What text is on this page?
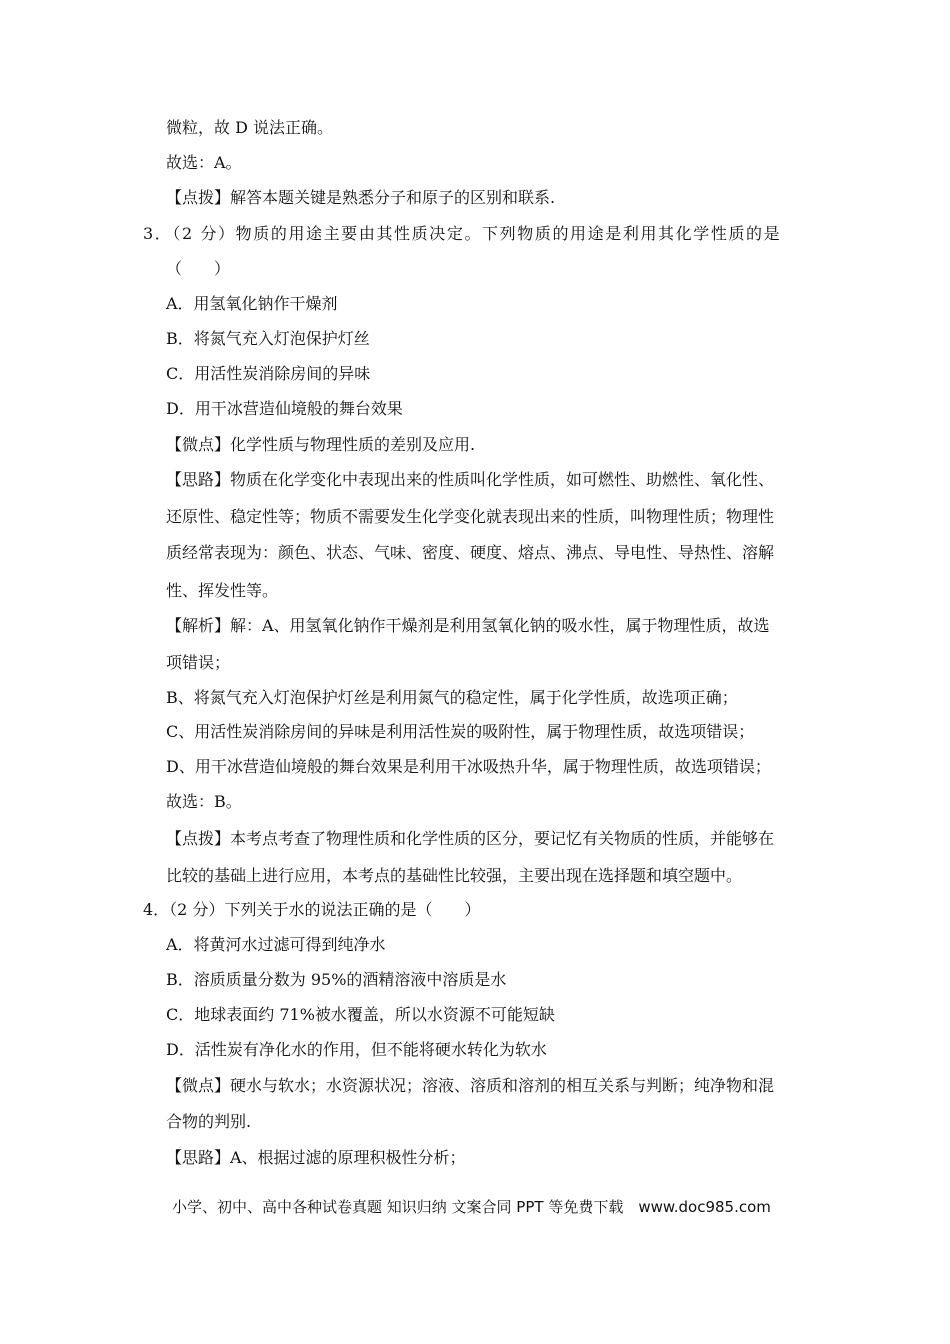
微粒，故 D 说法正确。

故选：A。

【点拨】解答本题关键是熟悉分子和原子的区别和联系.

3．（2 分）物质的用途主要由其性质决定。下列物质的用途是利用其化学性质的是

（　　）

A．用氢氧化钠作干燥剂

B．将氮气充入灯泡保护灯丝

C．用活性炭消除房间的异味

D．用干冰营造仙境般的舞台效果

【微点】化学性质与物理性质的差别及应用.

【思路】物质在化学变化中表现出来的性质叫化学性质，如可燃性、助燃性、氧化性、

还原性、稳定性等；物质不需要发生化学变化就表现出来的性质，叫物理性质；物理性

质经常表现为：颜色、状态、气味、密度、硬度、熔点、沸点、导电性、导热性、溶解

性、挥发性等。

【解析】解：A、用氢氧化钠作干燥剂是利用氢氧化钠的吸水性，属于物理性质，故选

项错误；

B、将氮气充入灯泡保护灯丝是利用氮气的稳定性，属于化学性质，故选项正确；

C、用活性炭消除房间的异味是利用活性炭的吸附性，属于物理性质，故选项错误；

D、用干冰营造仙境般的舞台效果是利用干冰吸热升华，属于物理性质，故选项错误；

故选：B。

【点拨】本考点考查了物理性质和化学性质的区分，要记忆有关物质的性质，并能够在

比较的基础上进行应用，本考点的基础性比较强，主要出现在选择题和填空题中。

4．（2 分）下列关于水的说法正确的是（　　）

A．将黄河水过滤可得到纯净水

B．溶质质量分数为 95%的酒精溶液中溶质是水

C．地球表面约 71%被水覆盖，所以水资源不可能短缺

D．活性炭有净化水的作用，但不能将硬水转化为软水

【微点】硬水与软水；水资源状况；溶液、溶质和溶剂的相互关系与判断；纯净物和混

合物的判别.

【思路】A、根据过滤的原理积极性分析；

小学、初中、高中各种试卷真题 知识归纳 文案合同 PPT 等免费下载　www.doc985.com
